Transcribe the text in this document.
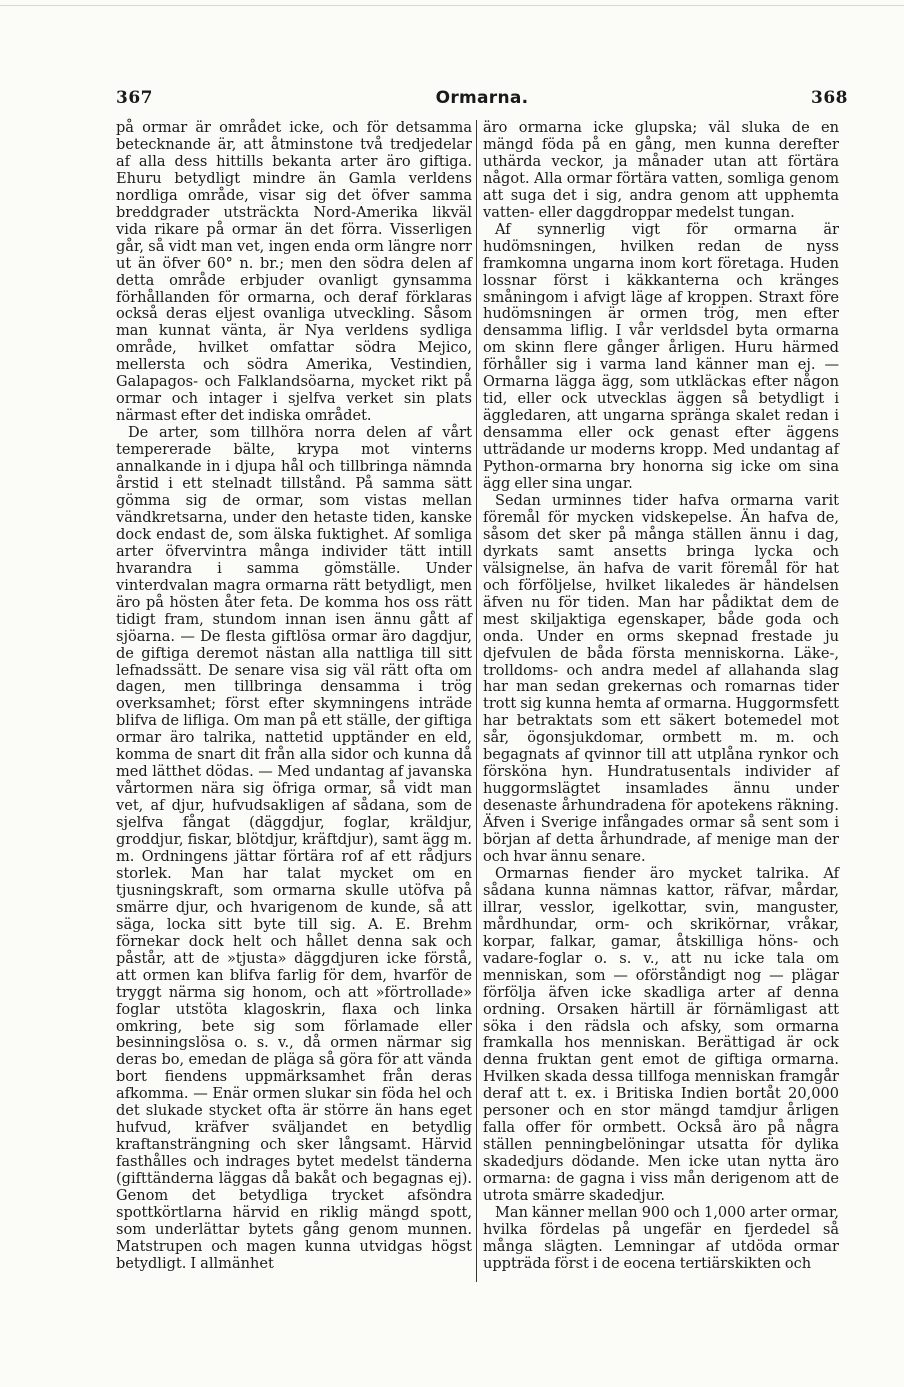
367	Ormarna.	368

på ormar är området icke, och för detsamma betecknande är, att åtminstone två tredjedelar af alla dess hittills bekanta arter äro giftiga. Ehuru betydligt mindre än Gamla verldens nordliga område, visar sig det öfver samma breddgrader utsträckta Nord-Amerika likväl vida rikare på ormar än det förra. Visserligen går, så vidt man vet, ingen enda orm längre norr ut än öfver 60° n. br.; men den södra delen af detta område erbjuder ovanligt gynsamma förhållanden för ormarna, och deraf förklaras också deras eljest ovanliga utveckling. Såsom man kunnat vänta, är Nya verldens sydliga område, hvilket omfattar södra Mejico, mellersta och södra Amerika, Vestindien, Galapagos- och Falklandsöarna, mycket rikt på ormar och intager i sjelfva verket sin plats närmast efter det indiska området.

De arter, som tillhöra norra delen af vårt tempererade bälte, krypa mot vinterns annalkande in i djupa hål och tillbringa nämnda årstid i ett stelnadt tillstånd. På samma sätt gömma sig de ormar, som vistas mellan vändkretsarna, under den hetaste tiden, kanske dock endast de, som älska fuktighet. Af somliga arter öfvervintra många individer tätt intill hvarandra i samma gömställe. Under vinterdvalan magra ormarna rätt betydligt, men äro på hösten åter feta. De komma hos oss rätt tidigt fram, stundom innan isen ännu gått af sjöarna. — De flesta giftlösa ormar äro dagdjur, de giftiga deremot nästan alla nattliga till sitt lefnadssätt. De senare visa sig väl rätt ofta om dagen, men tillbringa densamma i trög overksamhet; först efter skymningens inträde blifva de lifliga. Om man på ett ställe, der giftiga ormar äro talrika, nattetid upptänder en eld, komma de snart dit från alla sidor och kunna då med lätthet dödas. — Med undantag af javanska vårtormen nära sig öfriga ormar, så vidt man vet, af djur, hufvudsakligen af sådana, som de sjelfva fångat (däggdjur, foglar, kräldjur, groddjur, fiskar, blötdjur, kräftdjur), samt ägg m. m. Ordningens jättar förtära rof af ett rådjurs storlek. Man har talat mycket om en tjusningskraft, som ormarna skulle utöfva på smärre djur, och hvarigenom de kunde, så att säga, locka sitt byte till sig. A. E. Brehm förnekar dock helt och hållet denna sak och påstår, att de »tjusta» däggdjuren icke förstå, att ormen kan blifva farlig för dem, hvarför de tryggt närma sig honom, och att »förtrollade» foglar utstöta klagoskrin, flaxa och linka omkring, bete sig som förlamade eller besinningslösa o. s. v., då ormen närmar sig deras bo, emedan de pläga så göra för att vända bort fiendens uppmärksamhet från deras afkomma. — Enär ormen slukar sin föda hel och det slukade stycket ofta är större än hans eget hufvud, kräfver sväljandet en betydlig kraftansträngning och sker långsamt. Härvid fasthålles och indrages bytet medelst tänderna (gifttänderna läggas då bakåt och begagnas ej). Genom det betydliga trycket afsöndra spottkörtlarna härvid en riklig mängd spott, som underlättar bytets gång genom munnen. Matstrupen och magen kunna utvidgas högst betydligt. I allmänhet

äro ormarna icke glupska; väl sluka de en mängd föda på en gång, men kunna derefter uthärda veckor, ja månader utan att förtära något. Alla ormar förtära vatten, somliga genom att suga det i sig, andra genom att upphemta vatten- eller daggdroppar medelst tungan.

Af synnerlig vigt för ormarna är hudömsningen, hvilken redan de nyss framkomna ungarna inom kort företaga. Huden lossnar först i käkkanterna och kränges småningom i afvigt läge af kroppen. Straxt före hudömsningen är ormen trög, men efter densamma liflig. I vår verldsdel byta ormarna om skinn flere gånger årligen. Huru härmed förhåller sig i varma land känner man ej. — Ormarna lägga ägg, som utkläckas efter någon tid, eller ock utvecklas äggen så betydligt i äggledaren, att ungarna spränga skalet redan i densamma eller ock genast efter äggens utträdande ur moderns kropp. Med undantag af Python-ormarna bry honorna sig icke om sina ägg eller sina ungar.

Sedan urminnes tider hafva ormarna varit föremål för mycken vidskepelse. Än hafva de, såsom det sker på många ställen ännu i dag, dyrkats samt ansetts bringa lycka och välsignelse, än hafva de varit föremål för hat och förföljelse, hvilket likaledes är händelsen äfven nu för tiden. Man har pådiktat dem de mest skiljaktiga egenskaper, både goda och onda. Under en orms skepnad frestade ju djefvulen de båda första menniskorna. Läke-, trolldoms- och andra medel af allahanda slag har man sedan grekernas och romarnas tider trott sig kunna hemta af ormarna. Huggormsfett har betraktats som ett säkert botemedel mot sår, ögonsjukdomar, ormbett m. m. och begagnats af qvinnor till att utplåna rynkor och försköna hyn. Hundratusentals individer af huggormslägtet insamlades ännu under desenaste århundradena för apotekens räkning. Äfven i Sverige infångades ormar så sent som i början af detta århundrade, af menige man der och hvar ännu senare.

Ormarnas fiender äro mycket talrika. Af sådana kunna nämnas kattor, räfvar, mårdar, illrar, vesslor, igelkottar, svin, manguster, mårdhundar, orm- och skrikörnar, vråkar, korpar, falkar, gamar, åtskilliga höns- och vadare-foglar o. s. v., att nu icke tala om menniskan, som — oförståndigt nog — plägar förfölja äfven icke skadliga arter af denna ordning. Orsaken härtill är förnämligast att söka i den rädsla och afsky, som ormarna framkalla hos menniskan. Berättigad är ock denna fruktan gent emot de giftiga ormarna. Hvilken skada dessa tillfoga menniskan framgår deraf att t. ex. i Britiska Indien bortåt 20,000 personer och en stor mängd tamdjur årligen falla offer för ormbett. Också äro på några ställen penningbelöningar utsatta för dylika skadedjurs dödande. Men icke utan nytta äro ormarna: de gagna i viss mån derigenom att de utrota smärre skadedjur.

Man känner mellan 900 och 1,000 arter ormar, hvilka fördelas på ungefär en fjerdedel så många slägten. Lemningar af utdöda ormar uppträda först i de eocena tertiärskikten och
